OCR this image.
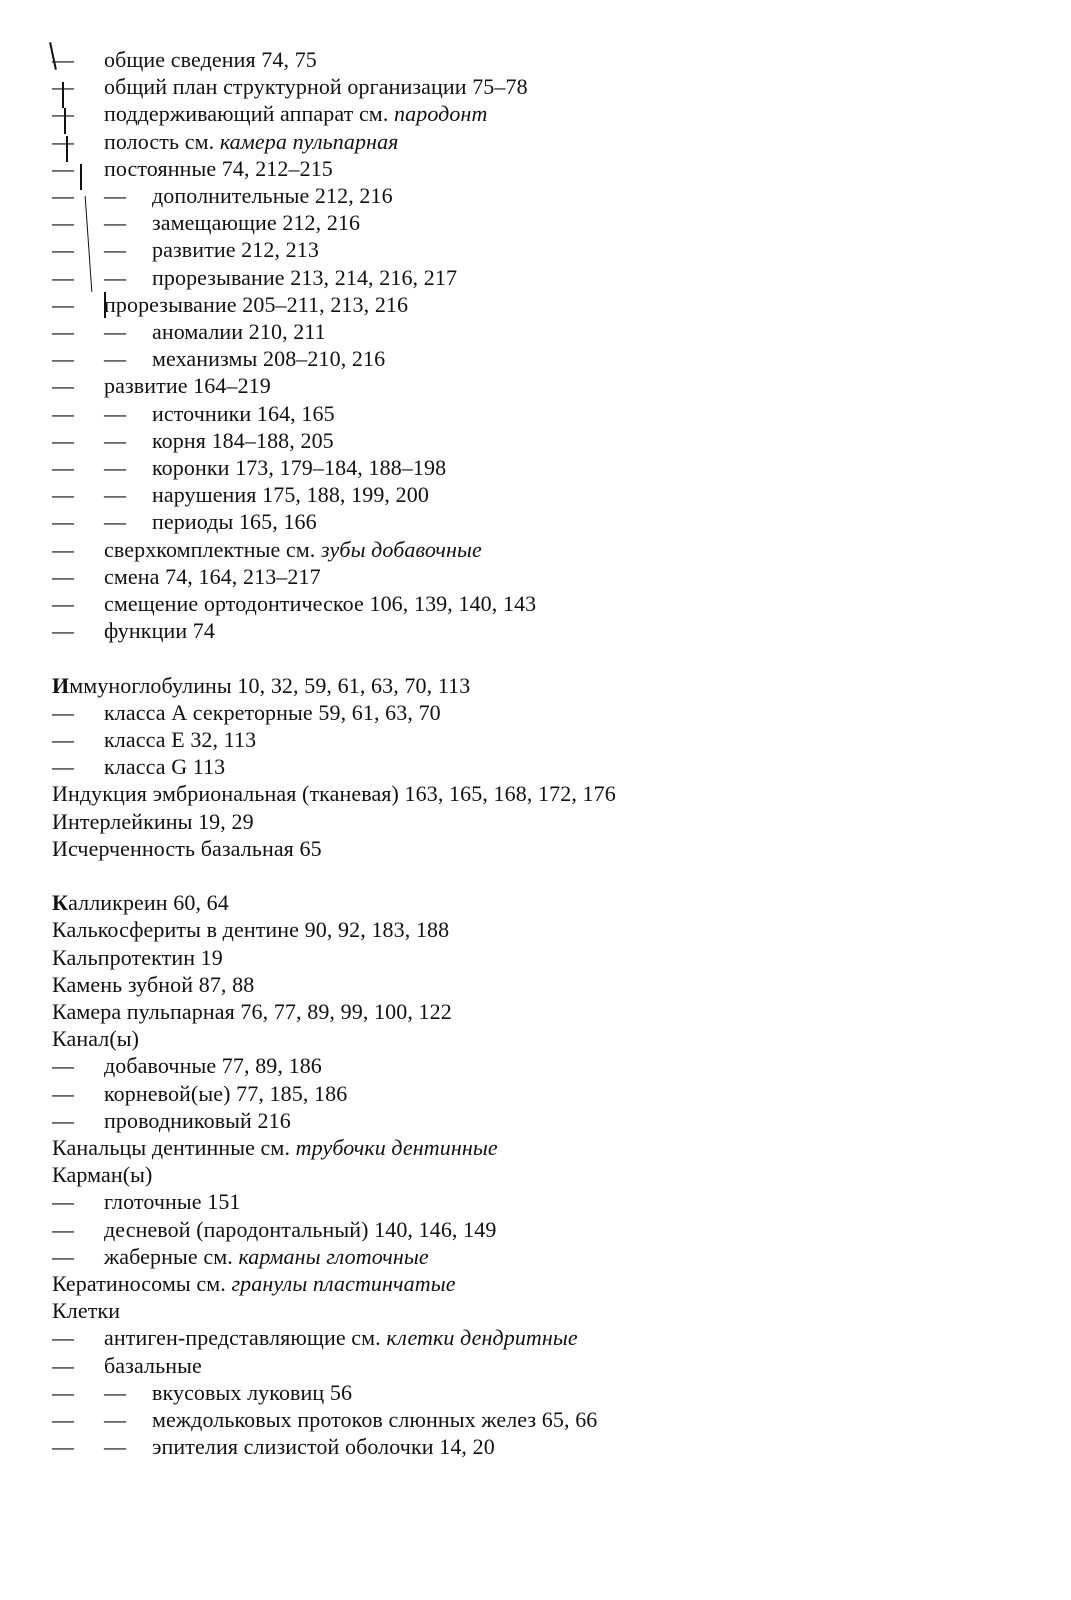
— общие сведения 74, 75
— общий план структурной организации 75–78
— поддерживающий аппарат см. пародонт
— полость см. камера пульпарная
— постоянные 74, 212–215
— — дополнительные 212, 216
— — замещающие 212, 216
— — развитие 212, 213
— — прорезывание 213, 214, 216, 217
— прорезывание 205–211, 213, 216
— — аномалии 210, 211
— — механизмы 208–210, 216
— развитие 164–219
— — источники 164, 165
— — корня 184–188, 205
— — коронки 173, 179–184, 188–198
— — нарушения 175, 188, 199, 200
— — периоды 165, 166
— сверхкомплектные см. зубы добавочные
— смена 74, 164, 213–217
— смещение ортодонтическое 106, 139, 140, 143
— функции 74
Иммуноглобулины 10, 32, 59, 61, 63, 70, 113
— класса А секреторные 59, 61, 63, 70
— класса Е 32, 113
— класса G 113
Индукция эмбриональная (тканевая) 163, 165, 168, 172, 176
Интерлейкины 19, 29
Исчерченность базальная 65
Калликреин 60, 64
Калькосфериты в дентине 90, 92, 183, 188
Кальпротектин 19
Камень зубной 87, 88
Камера пульпарная 76, 77, 89, 99, 100, 122
Канал(ы)
— добавочные 77, 89, 186
— корневой(ые) 77, 185, 186
— проводниковый 216
Канальцы дентинные см. трубочки дентинные
Карман(ы)
— глоточные 151
— десневой (пародонтальный) 140, 146, 149
— жаберные см. карманы глоточные
Кератиносомы см. гранулы пластинчатые
Клетки
— антиген-представляющие см. клетки дендритные
— базальные
— — вкусовых луковиц 56
— — междольковых протоков слюнных желез 65, 66
— — эпителия слизистой оболочки 14, 20
